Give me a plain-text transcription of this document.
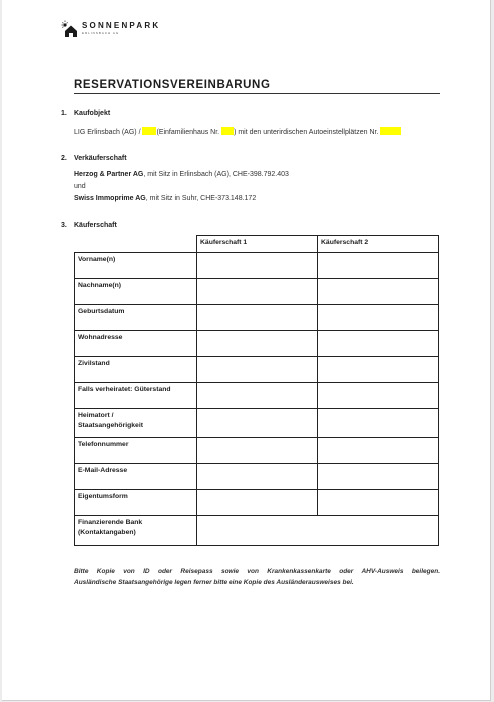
SONNENPARK
ERLINSBACH AG
RESERVATIONSVEREINBARUNG
1. Kaufobjekt
LIG Erlinsbach (AG) / (Einfamilienhaus Nr. ) mit den unterirdischen Autoeinstellplätzen Nr.
2. Verkäuferschaft
Herzog & Partner AG, mit Sitz in Erlinsbach (AG), CHE-398.792.403
und
Swiss Immoprime AG, mit Sitz in Suhr, CHE-373.148.172
3. Käuferschaft
	Käuferschaft 1	Käuferschaft 2
Vorname(n)		
Nachname(n)		
Geburtsdatum		
Wohnadresse		
Zivilstand		
Falls verheiratet: Güterstand		

Heimatort /
Staatsangehörigkeit		

Telefonnummer		
E-Mail-Adresse		
Eigentumsform		

Finanzierende Bank
(Kontaktangaben)		

Bitte Kopie von ID oder Reisepass sowie von Krankenkassenkarte oder AHV-Ausweis beilegen.
Ausländische Staatsangehörige legen ferner bitte eine Kopie des Ausländerausweises bei.
